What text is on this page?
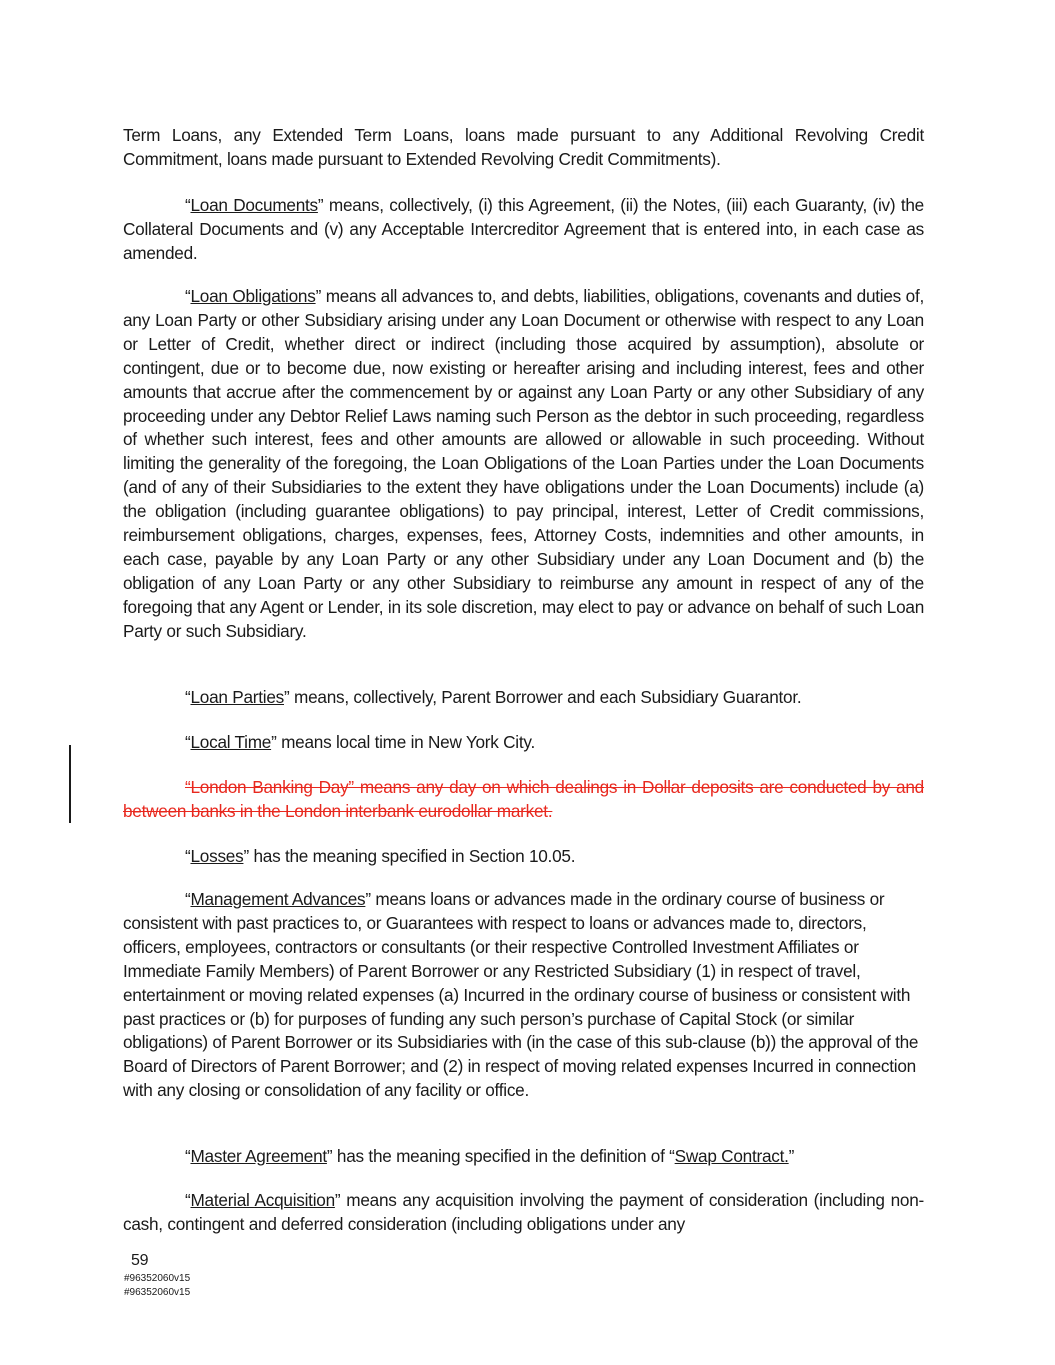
Term Loans, any Extended Term Loans, loans made pursuant to any Additional Revolving Credit Commitment, loans made pursuant to Extended Revolving Credit Commitments).

“Loan Documents” means, collectively, (i) this Agreement, (ii) the Notes, (iii) each Guaranty, (iv) the Collateral Documents and (v) any Acceptable Intercreditor Agreement that is entered into, in each case as amended.

“Loan Obligations” means all advances to, and debts, liabilities, obligations, covenants and duties of, any Loan Party or other Subsidiary arising under any Loan Document or otherwise with respect to any Loan or Letter of Credit, whether direct or indirect (including those acquired by assumption), absolute or contingent, due or to become due, now existing or hereafter arising and including interest, fees and other amounts that accrue after the commencement by or against any Loan Party or any other Subsidiary of any proceeding under any Debtor Relief Laws naming such Person as the debtor in such proceeding, regardless of whether such interest, fees and other amounts are allowed or allowable in such proceeding. Without limiting the generality of the foregoing, the Loan Obligations of the Loan Parties under the Loan Documents (and of any of their Subsidiaries to the extent they have obligations under the Loan Documents) include (a) the obligation (including guarantee obligations) to pay principal, interest, Letter of Credit commissions, reimbursement obligations, charges, expenses, fees, Attorney Costs, indemnities and other amounts, in each case, payable by any Loan Party or any other Subsidiary under any Loan Document and (b) the obligation of any Loan Party or any other Subsidiary to reimburse any amount in respect of any of the foregoing that any Agent or Lender, in its sole discretion, may elect to pay or advance on behalf of such Loan Party or such Subsidiary.

“Loan Parties” means, collectively, Parent Borrower and each Subsidiary Guarantor.

“Local Time” means local time in New York City.

“London Banking Day” means any day on which dealings in Dollar deposits are conducted by and between banks in the London interbank eurodollar market.

“Losses” has the meaning specified in Section 10.05.

“Management Advances” means loans or advances made in the ordinary course of business or consistent with past practices to, or Guarantees with respect to loans or advances made to, directors, officers, employees, contractors or consultants (or their respective Controlled Investment Affiliates or Immediate Family Members) of Parent Borrower or any Restricted Subsidiary (1) in respect of travel, entertainment or moving related expenses (a) Incurred in the ordinary course of business or consistent with past practices or (b) for purposes of funding any such person’s purchase of Capital Stock (or similar obligations) of Parent Borrower or its Subsidiaries with (in the case of this sub-clause (b)) the approval of the Board of Directors of Parent Borrower; and (2) in respect of moving related expenses Incurred in connection with any closing or consolidation of any facility or office.

“Master Agreement” has the meaning specified in the definition of “Swap Contract.”

“Material Acquisition” means any acquisition involving the payment of consideration (including non-cash, contingent and deferred consideration (including obligations under any

59
#96352060v15
#96352060v15
